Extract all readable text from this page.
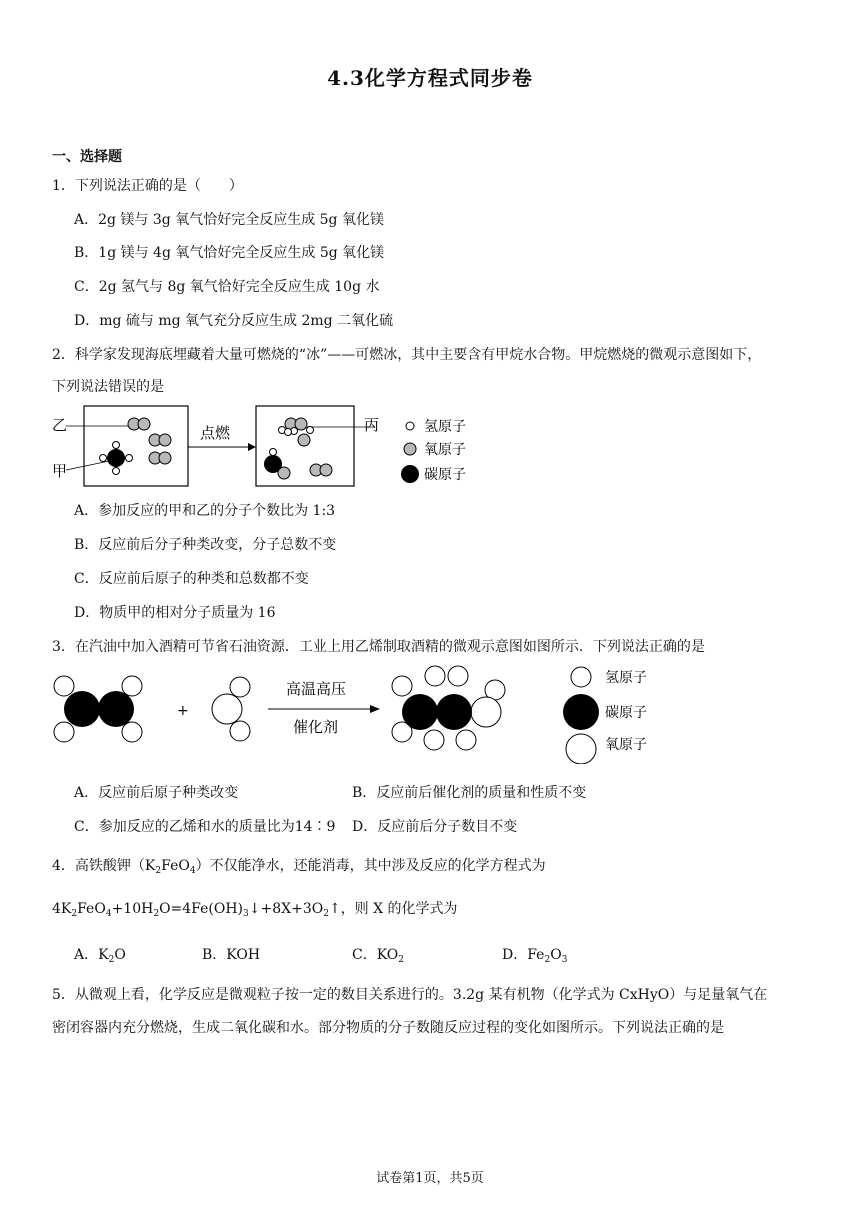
4.3化学方程式同步卷
一、选择题
1．下列说法正确的是（　　）
A．2g 镁与 3g 氧气恰好完全反应生成 5g 氧化镁
B．1g 镁与 4g 氧气恰好完全反应生成 5g 氧化镁
C．2g 氢气与 8g 氧气恰好完全反应生成 10g 水
D．mg 硫与 mg 氧气充分反应生成 2mg 二氧化硫
2．科学家发现海底埋藏着大量可燃烧的“冰”——可燃冰，其中主要含有甲烷水合物。甲烷燃烧的微观示意图如下，
下列说法错误的是
乙
甲
点燃	丙	氢原子
氧原子
碳原子
A．参加反应的甲和乙的分子个数比为 1:3
B．反应前后分子种类改变，分子总数不变
C．反应前后原子的种类和总数都不变
D．物质甲的相对分子质量为 16
3．在汽油中加入酒精可节省石油资源．工业上用乙烯制取酒精的微观示意图如图所示．下列说法正确的是
+
高温高压
催化剂
氢原子
碳原子
氧原子
A．反应前后原子种类改变	B．反应前后催化剂的质量和性质不变
C．参加反应的乙烯和水的质量比为14∶9 D．反应前后分子数目不变
4．高铁酸钾$(K_2FeO_4)$不仅能净水，还能消毒，其中涉及反应的化学方程式为
$4K_2FeO_4+10H_2O=4Fe(OH)_3↓+8X+3O_2↑$，则 X 的化学式为
A．$K_2O$	B．KOH	C．$KO_2$	D．$Fe_2O_3$
5．从微观上看，化学反应是微观粒子按一定的数目关系进行的。3.2g 某有机物（化学式为 CxHyO）与足量氧气在
密闭容器内充分燃烧，生成二氧化碳和水。部分物质的分子数随反应过程的变化如图所示。下列说法正确的是
试卷第1页，共5页
